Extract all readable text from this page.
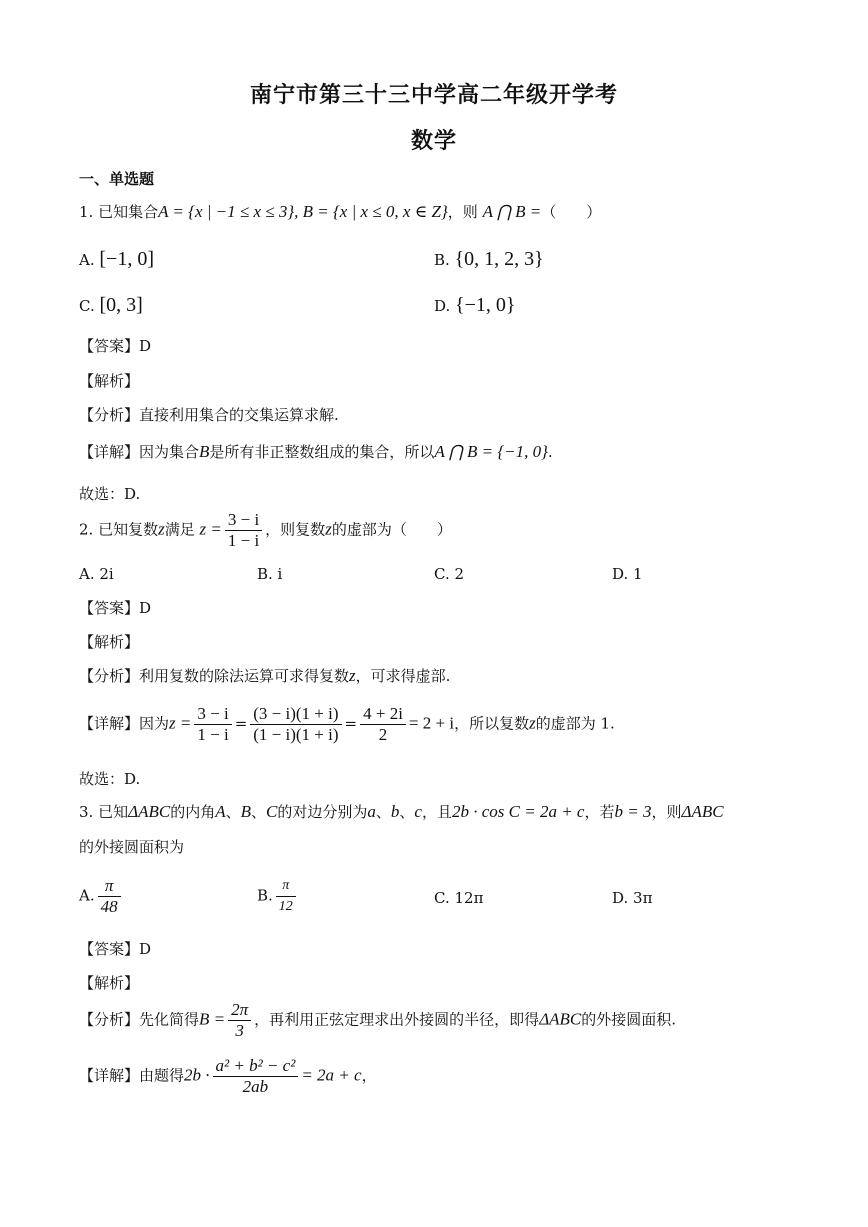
南宁市第三十三中学高二年级开学考
数学
一、单选题
1. 已知集合A = {x | −1 ≤ x ≤ 3}, B = {x | x ≤ 0, x ∈ Z}，则 A ⋂ B =（　　）
A. [−1, 0]	B. {0, 1, 2, 3}
C. [0, 3]	D. {−1, 0}
【答案】D
【解析】
【分析】直接利用集合的交集运算求解.
【详解】因为集合B是所有非正整数组成的集合，所以A ⋂ B = {−1, 0}.
故选：D.
2. 已知复数z满足 $z = \frac{3 - i}{1 - i}$ ，则复数z的虚部为（　　）
A. 2i	B. i	C. 2	D. 1
【答案】D
【解析】
【分析】利用复数的除法运算可求得复数z，可求得虚部.
【详解】因为$z = \frac{3 - i}{1 - i} = \frac{(3 - i)(1 + i)}{(1 - i)(1 + i)} = \frac{4 + 2i}{2} = 2 + i$，所以复数z的虚部为 1.
故选：D.
3. 已知ΔABC的内角A、B、C的对边分别为a、b、c，且2b · cos C = 2a + c，若b = 3，则ΔABC
的外接圆面积为
A. $\frac{\pi}{48}$	B. $\frac{\pi}{12}$	C. 12π	D. 3π
【答案】D
【解析】
【分析】先化简得$B = \frac{2\pi}{3}$ ，再利用正弦定理求出外接圆的半径，即得ΔABC的外接圆面积.
【详解】由题得$2b \cdot \frac{\text{a² + b² − c²}}{2ab} = 2a + c$，
